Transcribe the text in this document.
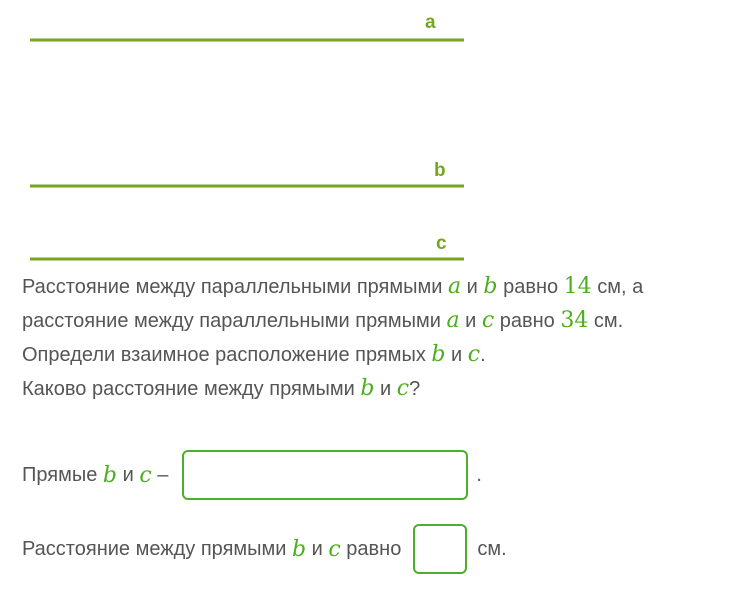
a
b
c
Расстояние между параллельными прямыми a и b равно 14 см, а
расстояние между параллельными прямыми a и c равно 34 см.
Определи взаимное расположение прямых b и c.
Каково расстояние между прямыми b и c?
Прямые b и c –	.
Расстояние между прямыми b и c равно	см.
